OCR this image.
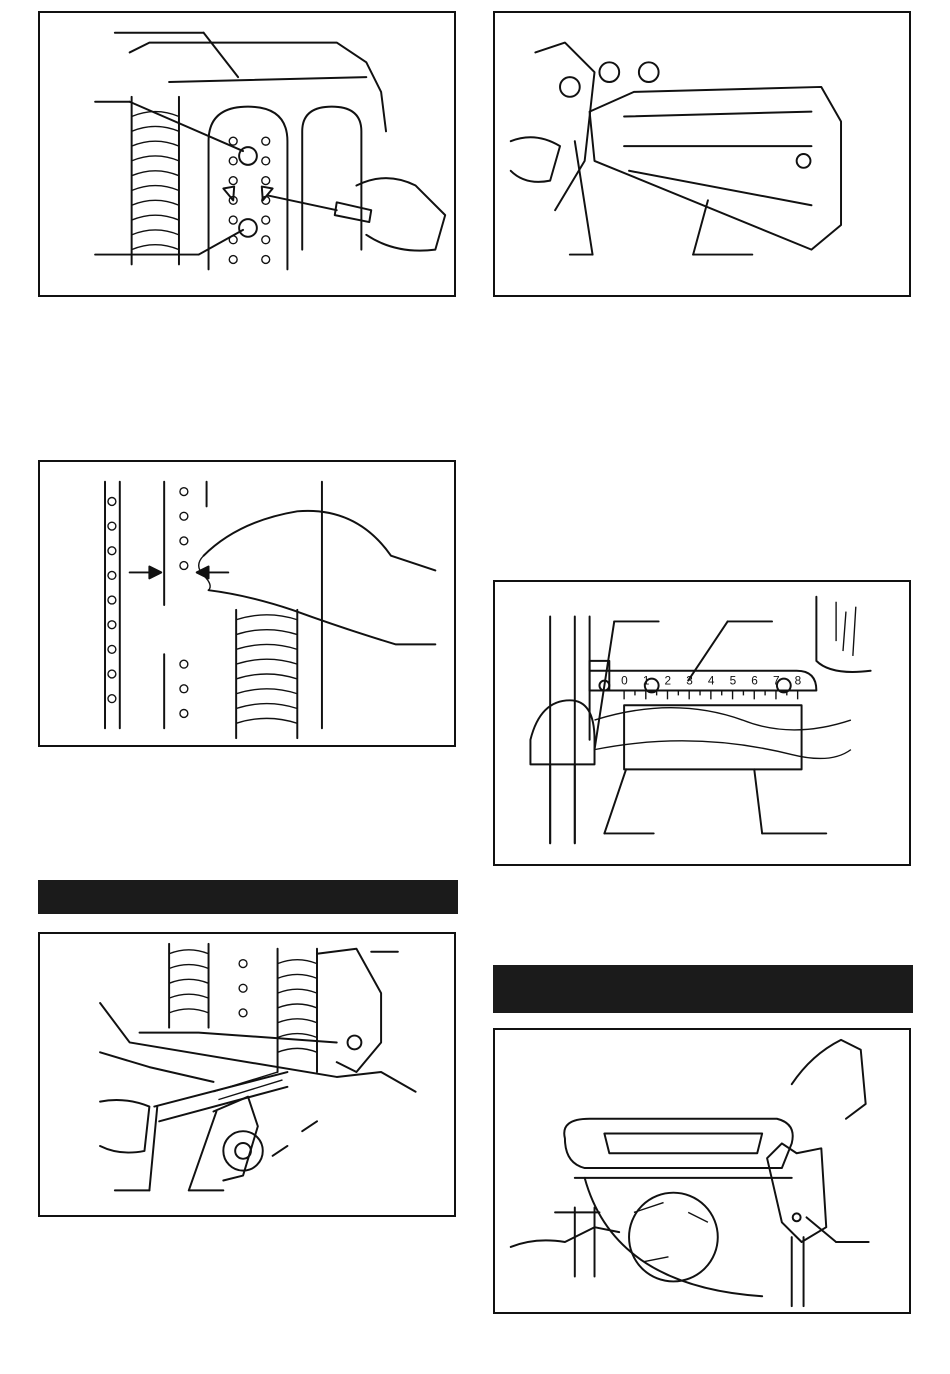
0 1 2 3 4 5 6 7 8
